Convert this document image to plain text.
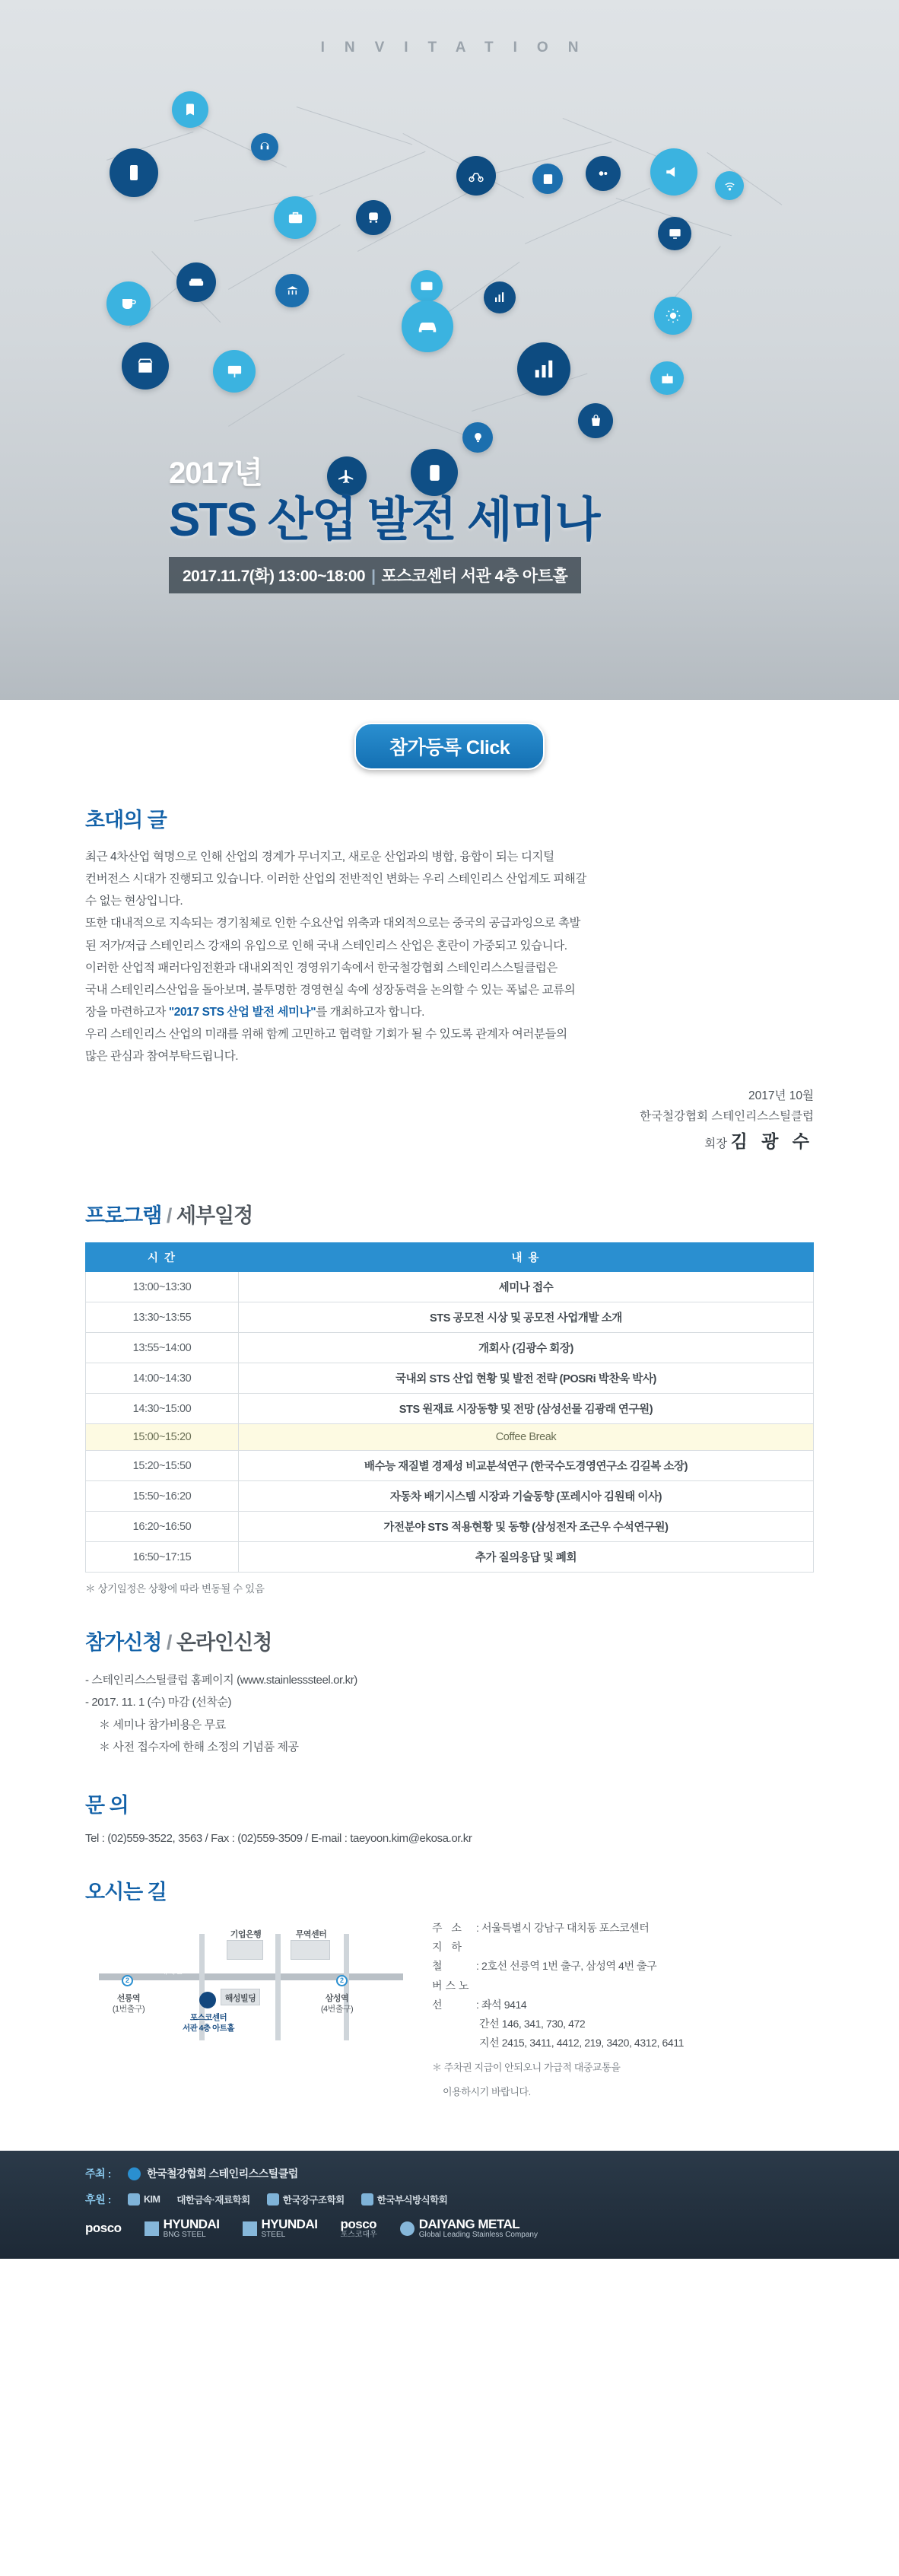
INVITATION
2017년
STS 산업 발전 세미나
2017.11.7(화) 13:00~18:00 | 포스코센터 서관 4층 아트홀
참가등록 Click
초대의 글

최근 4차산업 혁명으로 인해 산업의 경계가 무너지고, 새로운 산업과의 병합, 융합이 되는 디지털

컨버전스 시대가 진행되고 있습니다. 이러한 산업의 전반적인 변화는 우리 스테인리스 산업계도 피해갈

수 없는 현상입니다.

또한 대내적으로 지속되는 경기침체로 인한 수요산업 위축과 대외적으로는 중국의 공급과잉으로 촉발

된 저가/저급 스테인리스 강재의 유입으로 인해 국내 스테인리스 산업은 혼란이 가중되고 있습니다.

이러한 산업적 패러다임전환과 대내외적인 경영위기속에서 한국철강협회 스테인리스스틸클럽은

국내 스테인리스산업을 돌아보며, 불투명한 경영현실 속에 성장동력을 논의할 수 있는 폭넓은 교류의

장을 마련하고자 "2017 STS 산업 발전 세미나"를 개최하고자 합니다.

우리 스테인리스 산업의 미래를 위해 함께 고민하고 협력할 기회가 될 수 있도록 관계자 여러분들의

많은 관심과 참여부탁드립니다.

2017년 10월
한국철강협회 스테인리스스틸클럽
회장 김 광 수
프로그램 / 세부일정
시 간	내 용
13:00~13:30	세미나 접수
13:30~13:55	STS 공모전 시상 및 공모전 사업개발 소개
13:55~14:00	개회사 (김광수 회장)
14:00~14:30	국내외 STS 산업 현황 및 발전 전략 (POSRi 박찬욱 박사)
14:30~15:00	STS 원재료 시장동향 및 전망 (삼성선물 김광래 연구원)
15:00~15:20	Coffee Break
15:20~15:50	배수능 재질별 경제성 비교분석연구 (한국수도경영연구소 김길복 소장)
15:50~16:20	자동차 배기시스템 시장과 기술동향 (포레시아 김원태 이사)
16:20~16:50	가전분야 STS 적용현황 및 동향 (삼성전자 조근우 수석연구원)
16:50~17:15	추가 질의응답 및 폐회
＊ 상기일정은 상황에 따라 변동될 수 있음
참가신청 / 온라인신청
- 스테인리스스틸클럽 홈페이지 (www.stainlesssteel.or.kr)
- 2017. 11. 1 (수) 마감 (선착순)
＊ 세미나 참가비용은 무료
＊ 사전 접수자에 한해 소정의 기념품 제공
문 의
Tel : (02)559-3522, 3563 / Fax : (02)559-3509 / E-mail : taeyoon.kim@ekosa.or.kr
오시는 길
기업은행	무역센터
테헤란로
해성빌딩
2	2
선릉역
(1번출구)
삼성역
(4번출구)
포스코센터
서관 4층 아트홀
주 소 : 서울특별시 강남구 대치동 포스코센터
지 하 철	: 2호선 선릉역 1번 출구, 삼성역 4번 출구
버스노선	: 좌석 9414
간선 146, 341, 730, 472
지선 2415, 3411, 4412, 219, 3420, 4312, 6411
＊ 주차권 지급이 안되오니 가급적 대중교통을
이용하시기 바랍니다.
주최 :	한국철강협회 스테인리스스틸클럽
후원 :	KIM 대한금속·재료학회	한국강구조학회	한국부식방식학회
posco	HYUNDAI
BNG STEEL
HYUNDAI
STEEL
posco
포스코대우
DAIYANG METAL
Global Leading Stainless Company
